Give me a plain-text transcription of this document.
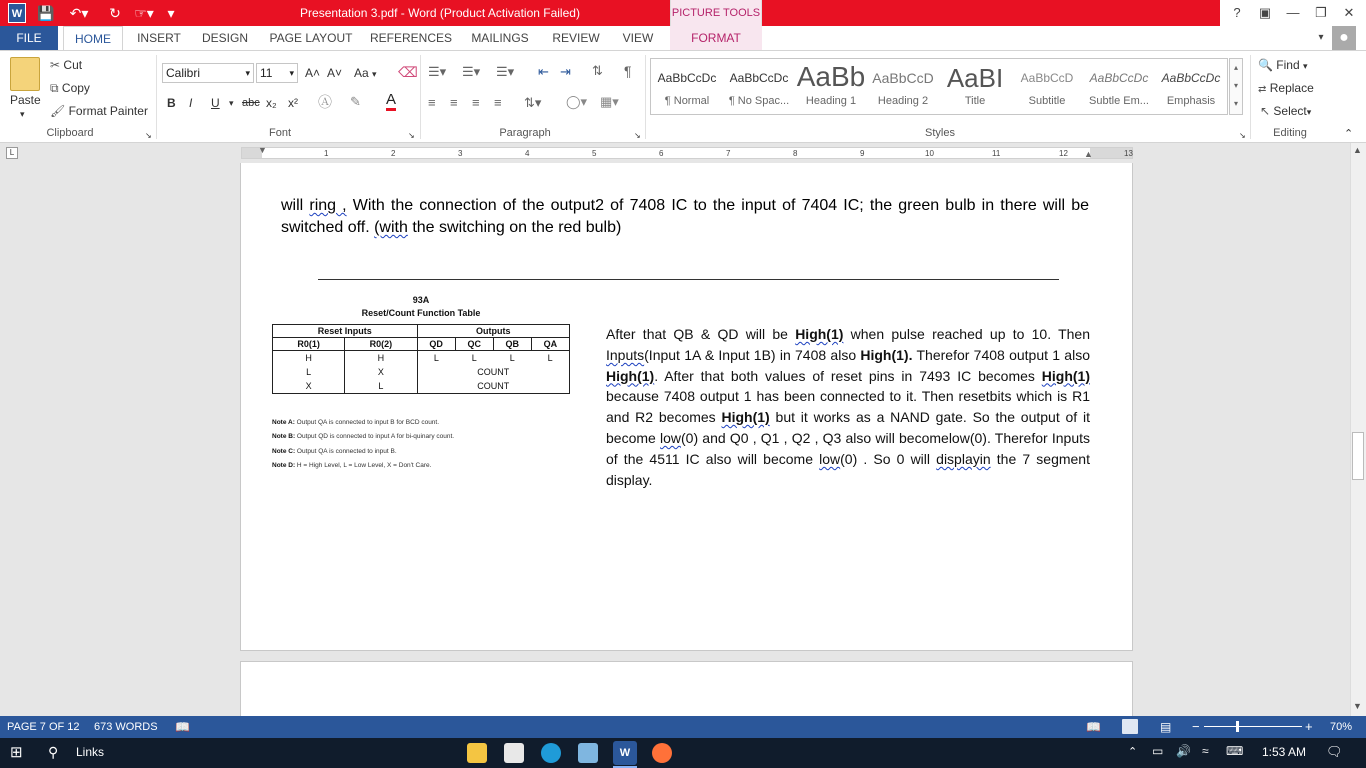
W 💾	↶▾	↻ ☞▾ ▾	Presentation 3.pdf - Word (Product Activation Failed)	PICTURE TOOLS	?	▣	—	❐	✕
FILE	HOME	INSERT	DESIGN	PAGE LAYOUT	REFERENCES	MAILINGS	REVIEW	VIEW	FORMAT	▾ ●
Paste
▾
✂ Cut
⧉ Copy
🖌 Format Painter
Clipboard	↘
Calibri	▾ 11 ▾ A˄ A˅ Aa ▾ ⌫
B I U ▾ abc x₂ x² Ⓐ ✎ A
Font	↘
☰▾ ☰▾ ☰▾ ⇤ ⇥ ⇅ ¶
≡ ≡ ≡ ≡ ⇅▾ ◯▾ ▦▾
Paragraph	↘
AaBbCcDc
¶ Normal
AaBbCcDc
¶ No Spac...
AaBb
Heading 1
AaBbCcD
Heading 2
AaBI
Title
AaBbCcD
Subtitle
AaBbCcDc
Subtle Em...
AaBbCcDc
Emphasis
▴
▾
▾
Styles	↘
🔍 Find ▾
⇄ Replace
↖ Select▾
Editing	⌃
L	1	2	3	4	5	6	7	8	9	10	11	12	13
▼	▲
will ring , With the connection of the output2 of 7408 IC to the input of 7404 IC; the green bulb in there will be switched off. (with the switching on the red bulb)
93A
Reset/Count Function Table
Reset Inputs		Outputs			
R0(1)	R0(2)	QD	QC	QB	QA
H	H	L	L	L	L
L	X	COUNT			
X	L	COUNT			
Note A: Output QA is connected to input B for BCD count.
Note B: Output QD is connected to input A for bi-quinary count.
Note C: Output QA is connected to input B.
Note D: H = High Level, L = Low Level, X = Don't Care.
After that QB & QD will be High(1) when pulse reached up to 10. Then Inputs(Input 1A & Input 1B) in 7408 also High(1). Therefor 7408 output 1 also High(1). After that both values of reset pins in 7493 IC becomes High(1) because 7408 output 1 has been connected to it. Then resetbits which is R1 and R2 becomes High(1) but it works as a NAND gate. So the output of it become low(0) and Q0 , Q1 , Q2 , Q3 also will becomelow(0). Therefor Inputs of the 4511 IC also will become low(0) . So 0 will displayin the 7 segment display.
▲
▼
PAGE 7 OF 12 673 WORDS 📖	📖	▤ −	+ 70%
⊞ ⚲ Links	W	⌃ ▭ 🔊 ≈ ⌨ 1:53 AM 🗨
